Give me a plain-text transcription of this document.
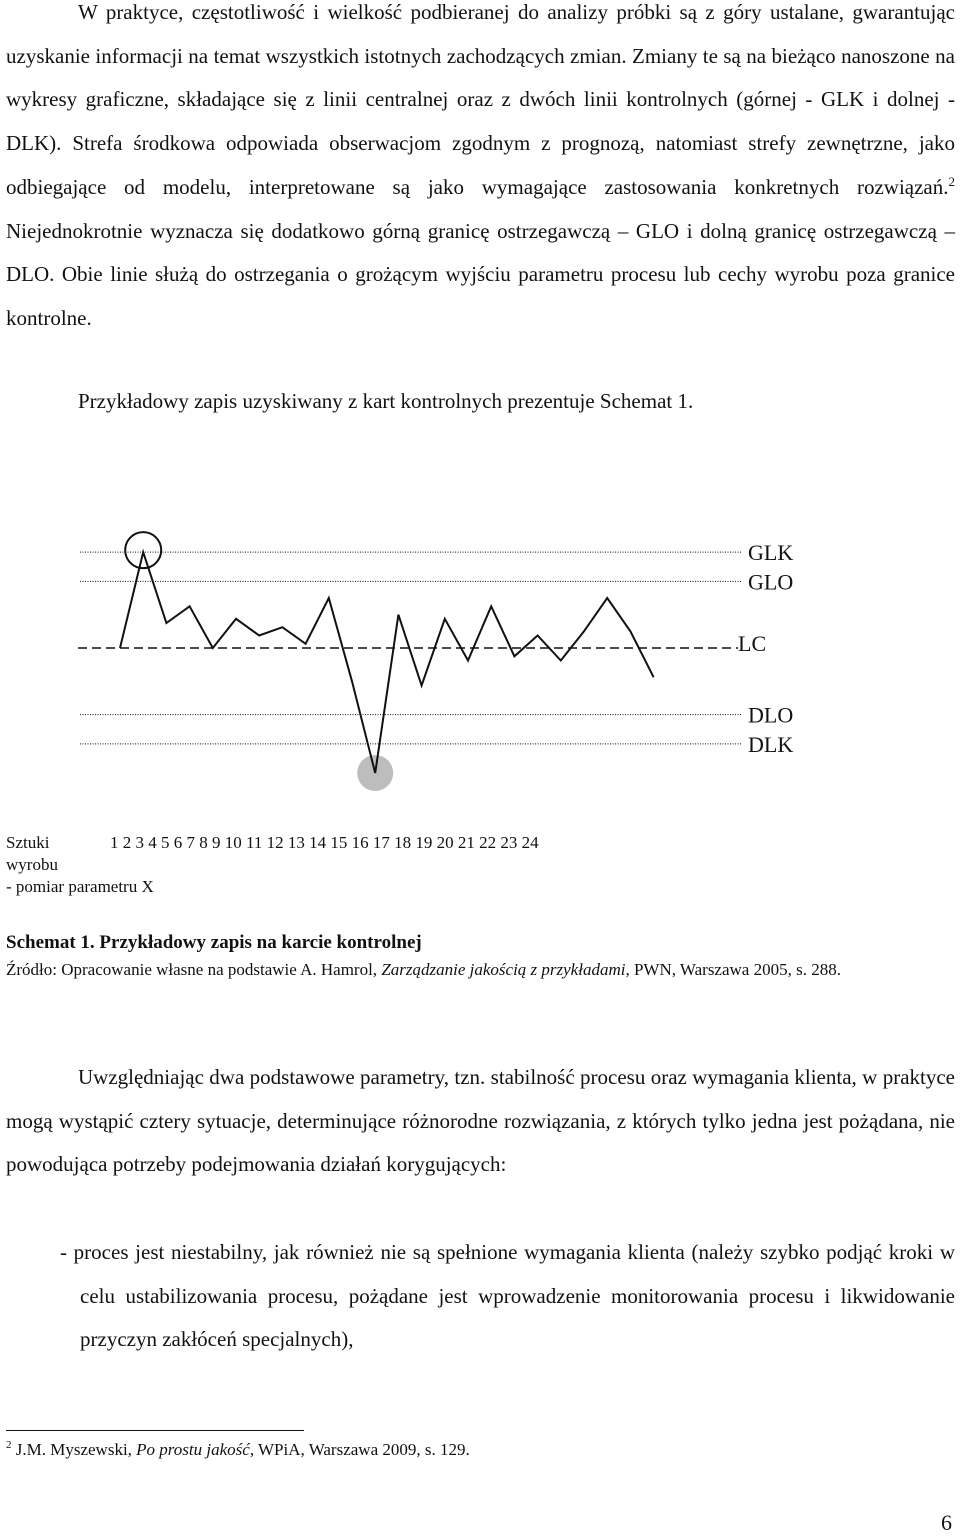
W praktyce, częstotliwość i wielkość podbieranej do analizy próbki są z góry ustalane, gwarantując uzyskanie informacji na temat wszystkich istotnych zachodzących zmian. Zmiany te są na bieżąco nanoszone na wykresy graficzne, składające się z linii centralnej oraz z dwóch linii kontrolnych (górnej - GLK i dolnej - DLK). Strefa środkowa odpowiada obserwacjom zgodnym z prognozą, natomiast strefy zewnętrzne, jako odbiegające od modelu, interpretowane są jako wymagające zastosowania konkretnych rozwiązań.$^2$ Niejednokrotnie wyznacza się dodatkowo górną granicę ostrzegawczą – GLO i dolną granicę ostrzegawczą – DLO. Obie linie służą do ostrzegania o grożącym wyjściu parametru procesu lub cechy wyrobu poza granice kontrolne.

Przykładowy zapis uzyskiwany z kart kontrolnych prezentuje Schemat 1.

GLK
GLO
LC
DLO
DLK
Sztuki
wyrobu
- pomiar parametru X
1 2 3 4 5 6 7 8 9 10 11 12 13 14 15 16 17 18 19 20 21 22 23 24
Schemat 1. Przykładowy zapis na karcie kontrolnej
Źródło: Opracowanie własne na podstawie A. Hamrol, Zarządzanie jakością z przykładami, PWN, Warszawa 2005, s. 288.

Uwzględniając dwa podstawowe parametry, tzn. stabilność procesu oraz wymagania klienta, w praktyce mogą wystąpić cztery sytuacje, determinujące różnorodne rozwiązania, z których tylko jedna jest pożądana, nie powodująca potrzeby podejmowania działań korygujących:

- proces jest niestabilny, jak również nie są spełnione wymagania klienta (należy szybko podjąć kroki w celu ustabilizowania procesu, pożądane jest wprowadzenie monitorowania procesu i likwidowanie przyczyn zakłóceń specjalnych),

$^2$ J.M. Myszewski, Po prostu jakość, WPiA, Warszawa 2009, s. 129.
6
